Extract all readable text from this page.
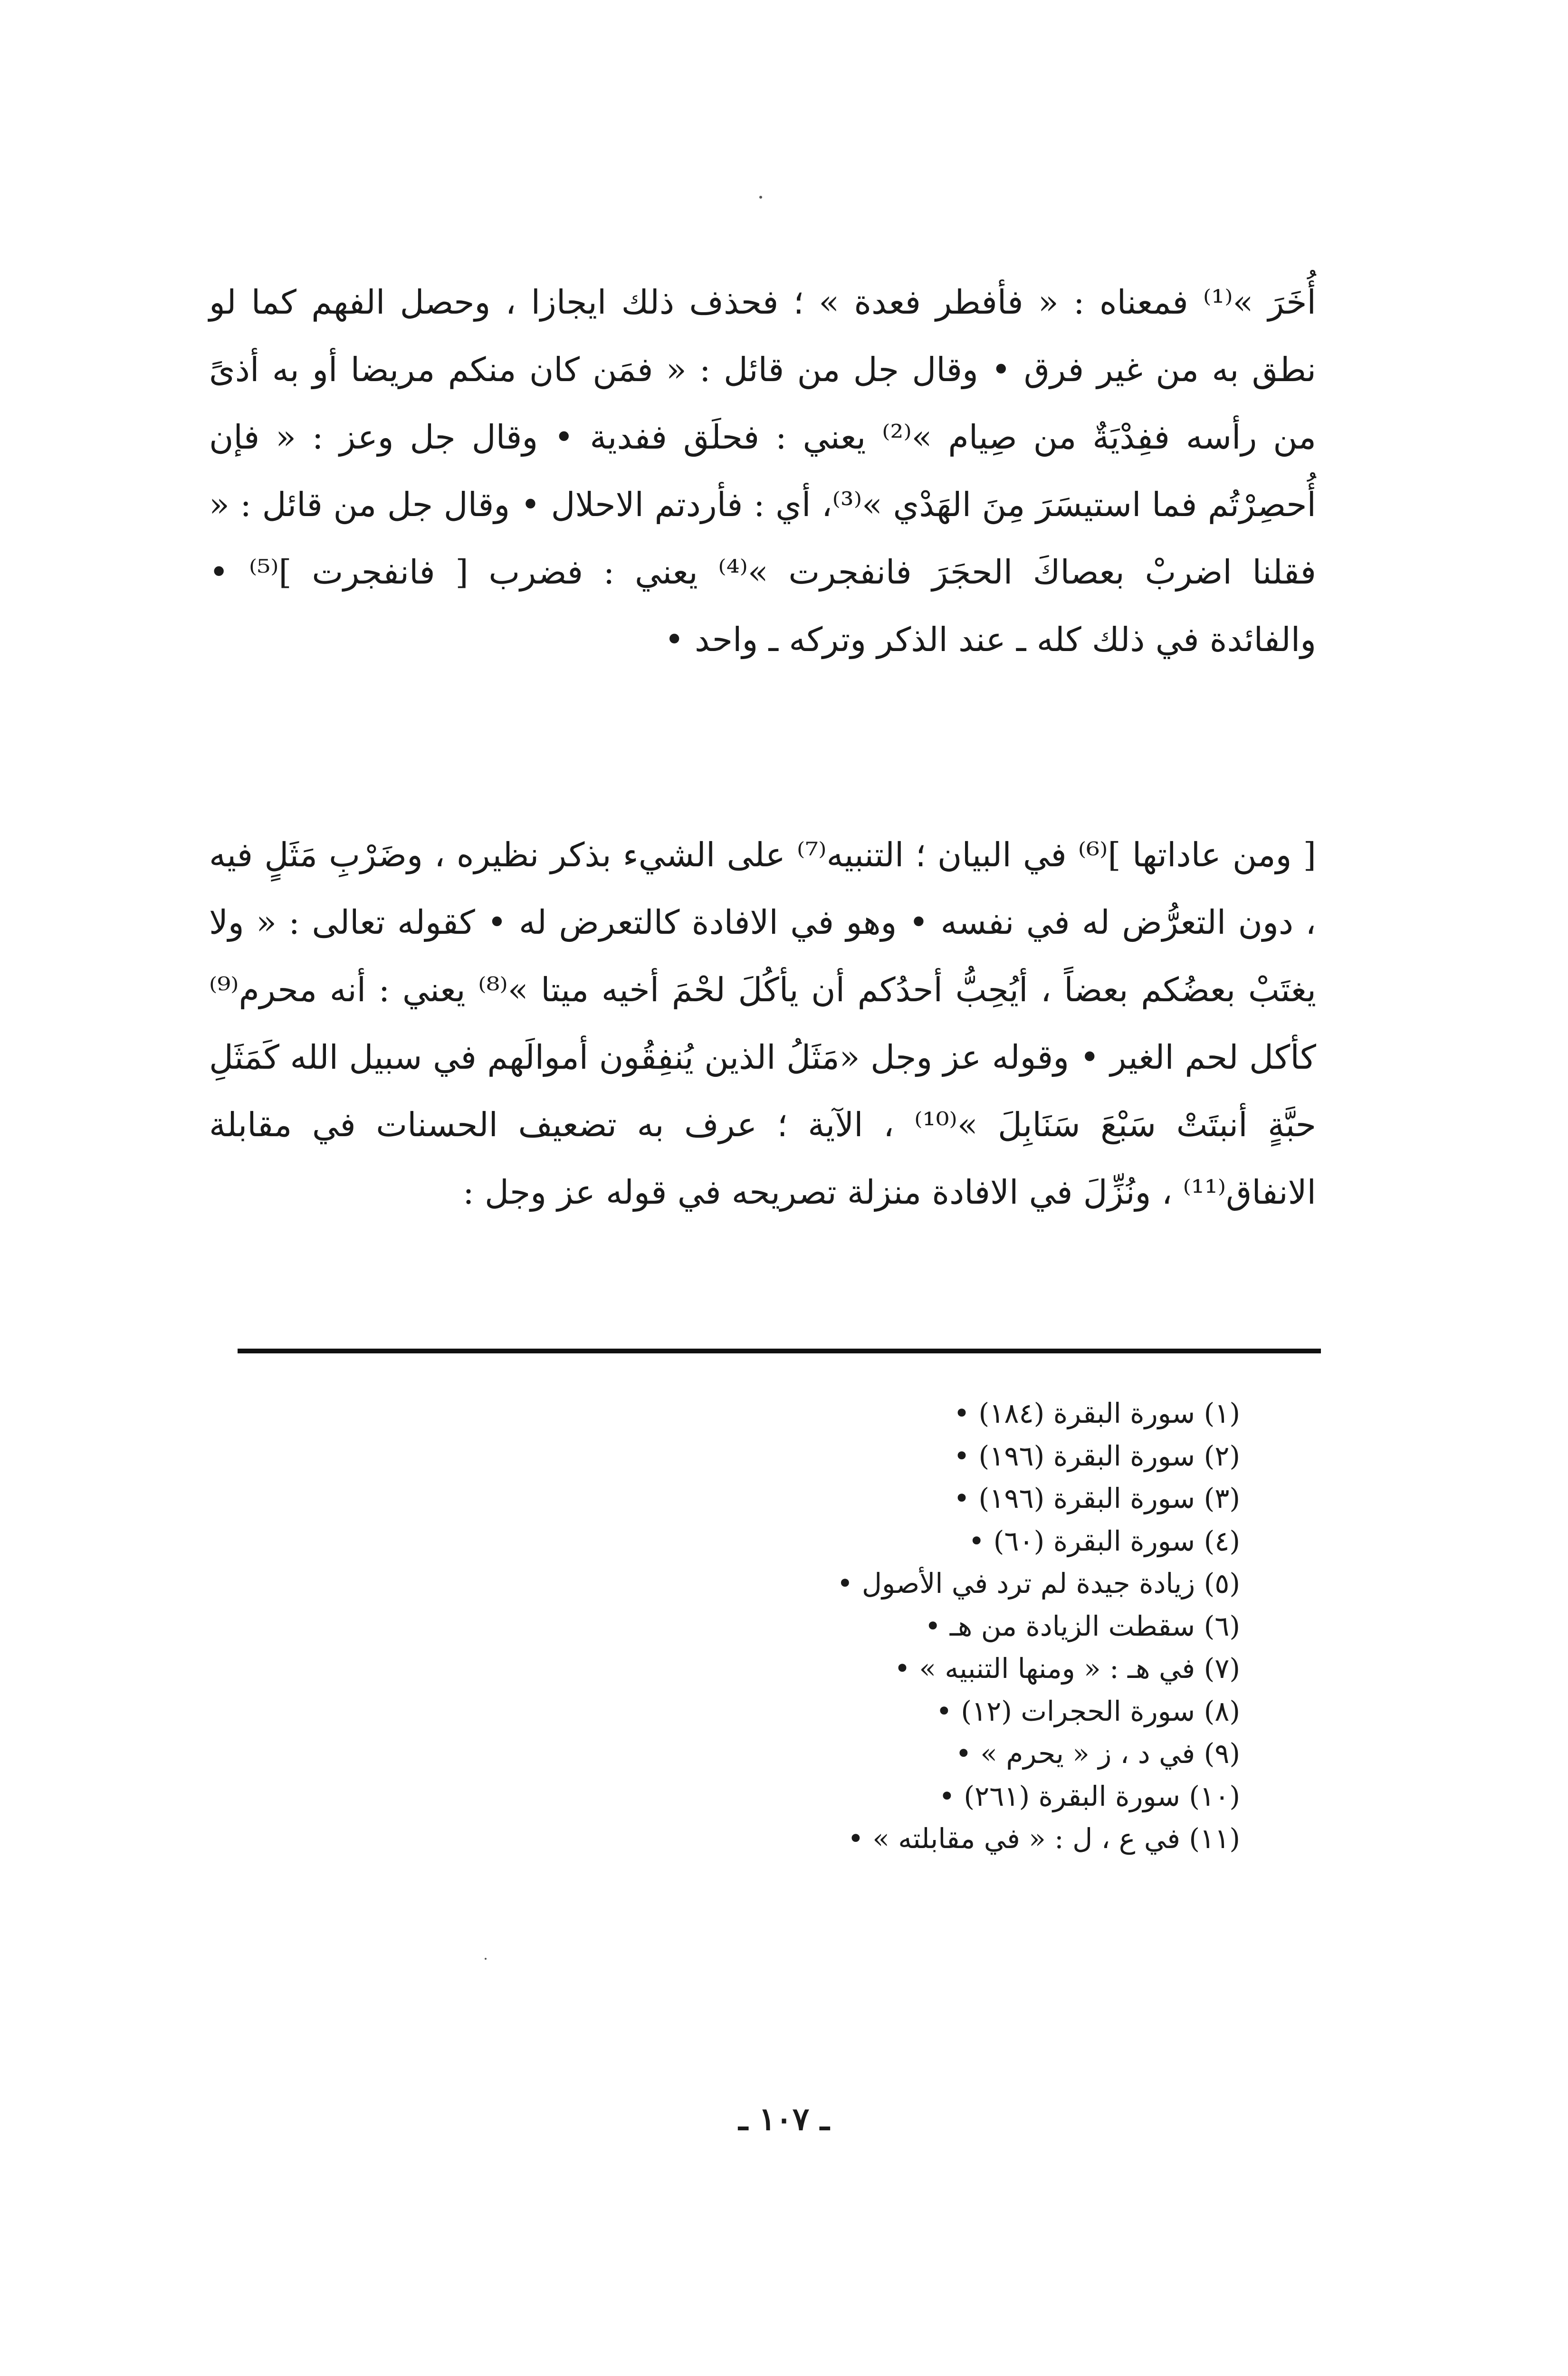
أُخَرَ »⁽¹⁾ فمعناه : « فأفطر فعدة » ؛ فحذف ذلك ايجازا ، وحصل الفهم كما لو نطق به من غير فرق • وقال جل من قائل : « فمَن كان منكم مريضا أو به أذىً من رأسه ففِدْيَةٌ من صِيام »⁽²⁾ يعني : فحلَق ففدية • وقال جل وعز : « فإن أُحصِرْتُم فما استيسَرَ مِنَ الهَدْي »⁽³⁾، أي : فأردتم الاحلال • وقال جل من قائل : « فقلنا اضربْ بعصاكَ الحجَرَ فانفجرت »⁽⁴⁾ يعني : فضرب [ فانفجرت ]⁽⁵⁾ • والفائدة في ذلك كله ـ عند الذكر وتركه ـ واحد •

[ ومن عاداتها ]⁽⁶⁾ في البيان ؛ التنبيه⁽⁷⁾ على الشيء بذكر نظيره ، وضَرْبِ مَثَلٍ فيه ، دون التعرُّض له في نفسه • وهو في الافادة كالتعرض له • كقوله تعالى : « ولا يغتَبْ بعضُكم بعضاً ، أيُحِبُّ أحدُكم أن يأكُلَ لحْمَ أخيه ميتا »⁽⁸⁾ يعني : أنه محرم⁽⁹⁾ كأكل لحم الغير • وقوله عز وجل «مَثَلُ الذين يُنفِقُون أموالَهم في سبيل الله كَمَثَلِ حبَّةٍ أنبتَتْ سَبْعَ سَنَابِلَ »⁽¹⁰⁾ ، الآية ؛ عرف به تضعيف الحسنات في مقابلة الانفاق⁽¹¹⁾ ، ونُزِّلَ في الافادة منزلة تصريحه في قوله عز وجل :

(١) سورة البقرة (١٨٤) •
(٢) سورة البقرة (١٩٦) •
(٣) سورة البقرة (١٩٦) •
(٤) سورة البقرة (٦٠) •
(٥) زيادة جيدة لم ترد في الأصول •
(٦) سقطت الزيادة من هـ •
(٧) في هـ : « ومنها التنبيه » •
(٨) سورة الحجرات (١٢) •
(٩) في د ، ز « يحرم » •
(١٠) سورة البقرة (٢٦١) •
(١١) في ع ، ل : « في مقابلته » •
ـ ١٠٧ ـ
